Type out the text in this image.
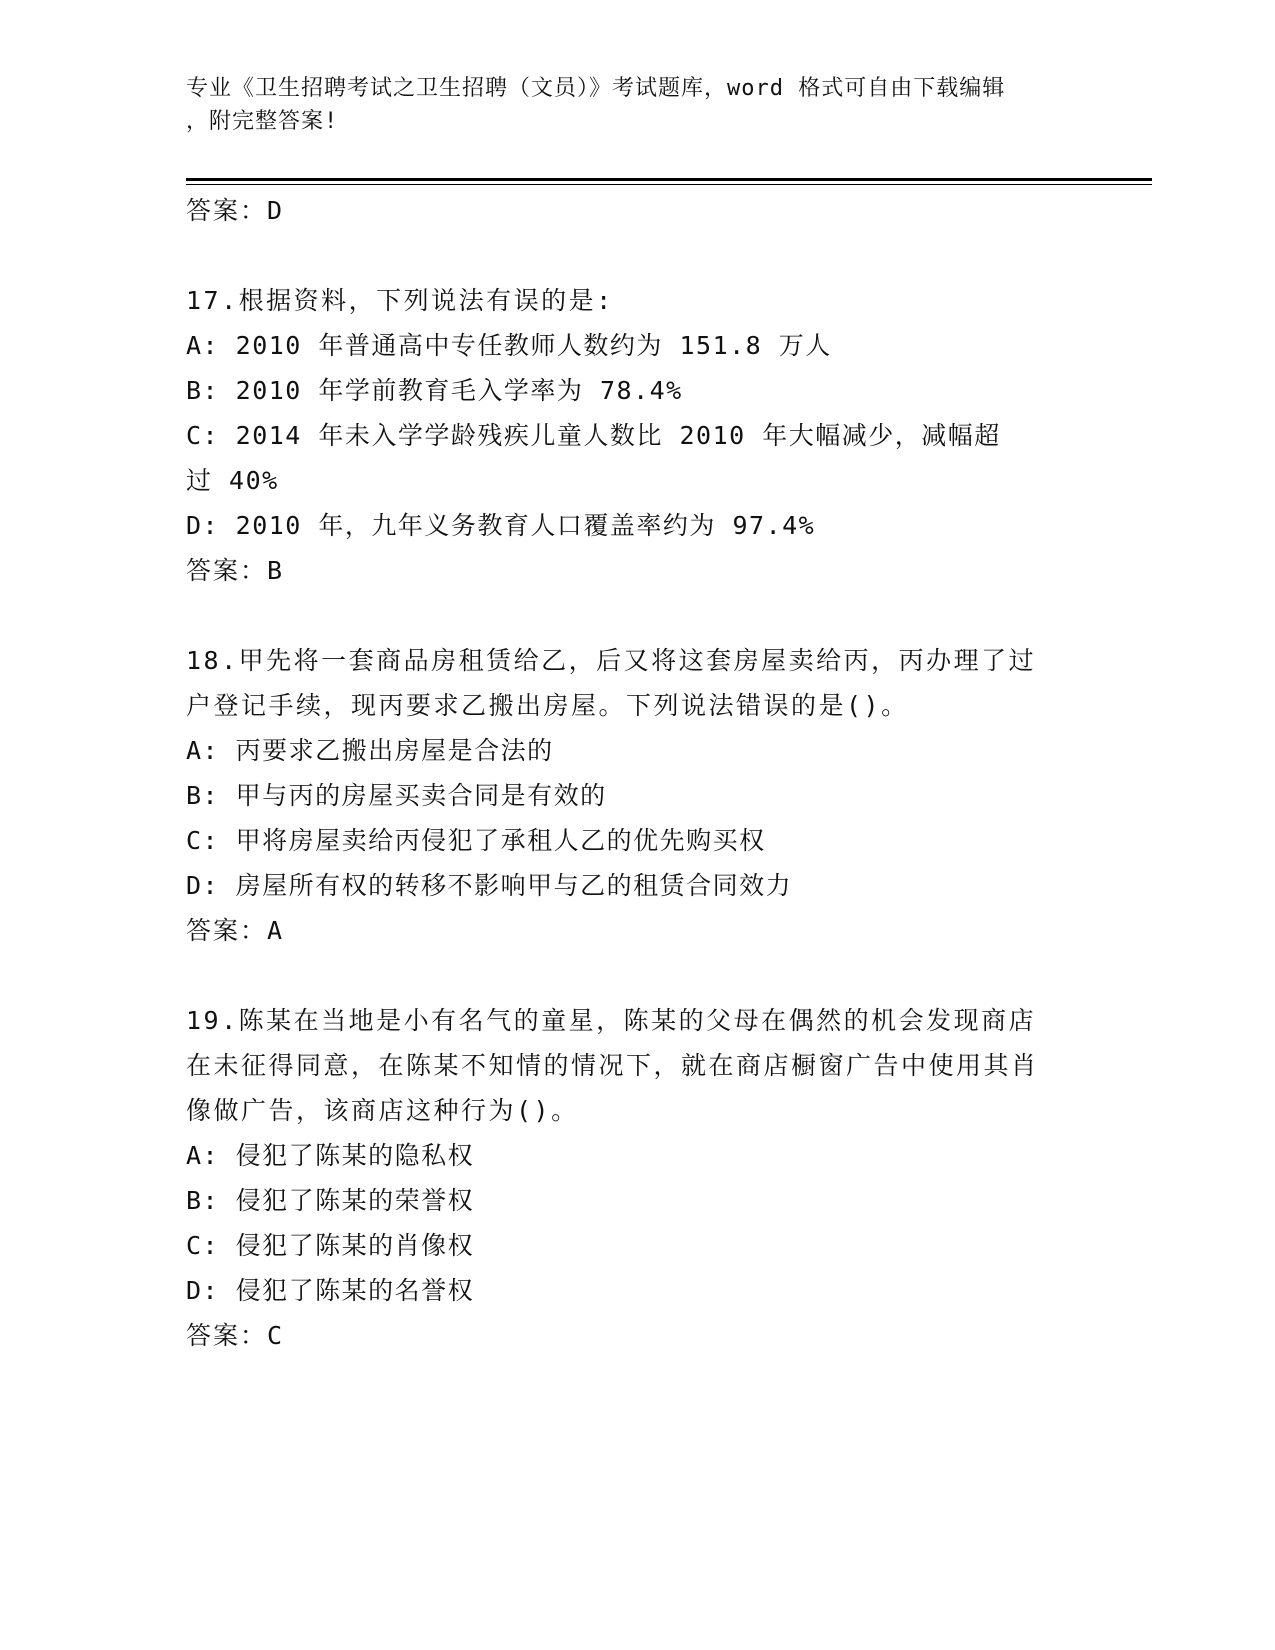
专业《卫生招聘考试之卫生招聘（文员）》考试题库，word 格式可自由下载编辑
，附完整答案!
答案：D
17.根据资料，下列说法有误的是:
A: 2010 年普通高中专任教师人数约为 151.8 万人
B: 2010 年学前教育毛入学率为 78.4%
C: 2014 年未入学学龄残疾儿童人数比 2010 年大幅减少，减幅超过 40%
D: 2010 年，九年义务教育人口覆盖率约为 97.4%
答案：B
18.甲先将一套商品房租赁给乙，后又将这套房屋卖给丙，丙办理了过户登记手续，现丙要求乙搬出房屋。下列说法错误的是()。
A: 丙要求乙搬出房屋是合法的
B: 甲与丙的房屋买卖合同是有效的
C: 甲将房屋卖给丙侵犯了承租人乙的优先购买权
D: 房屋所有权的转移不影响甲与乙的租赁合同效力
答案：A
19.陈某在当地是小有名气的童星，陈某的父母在偶然的机会发现商店在未征得同意，在陈某不知情的情况下，就在商店橱窗广告中使用其肖像做广告，该商店这种行为()。
A: 侵犯了陈某的隐私权
B: 侵犯了陈某的荣誉权
C: 侵犯了陈某的肖像权
D: 侵犯了陈某的名誉权
答案：C
